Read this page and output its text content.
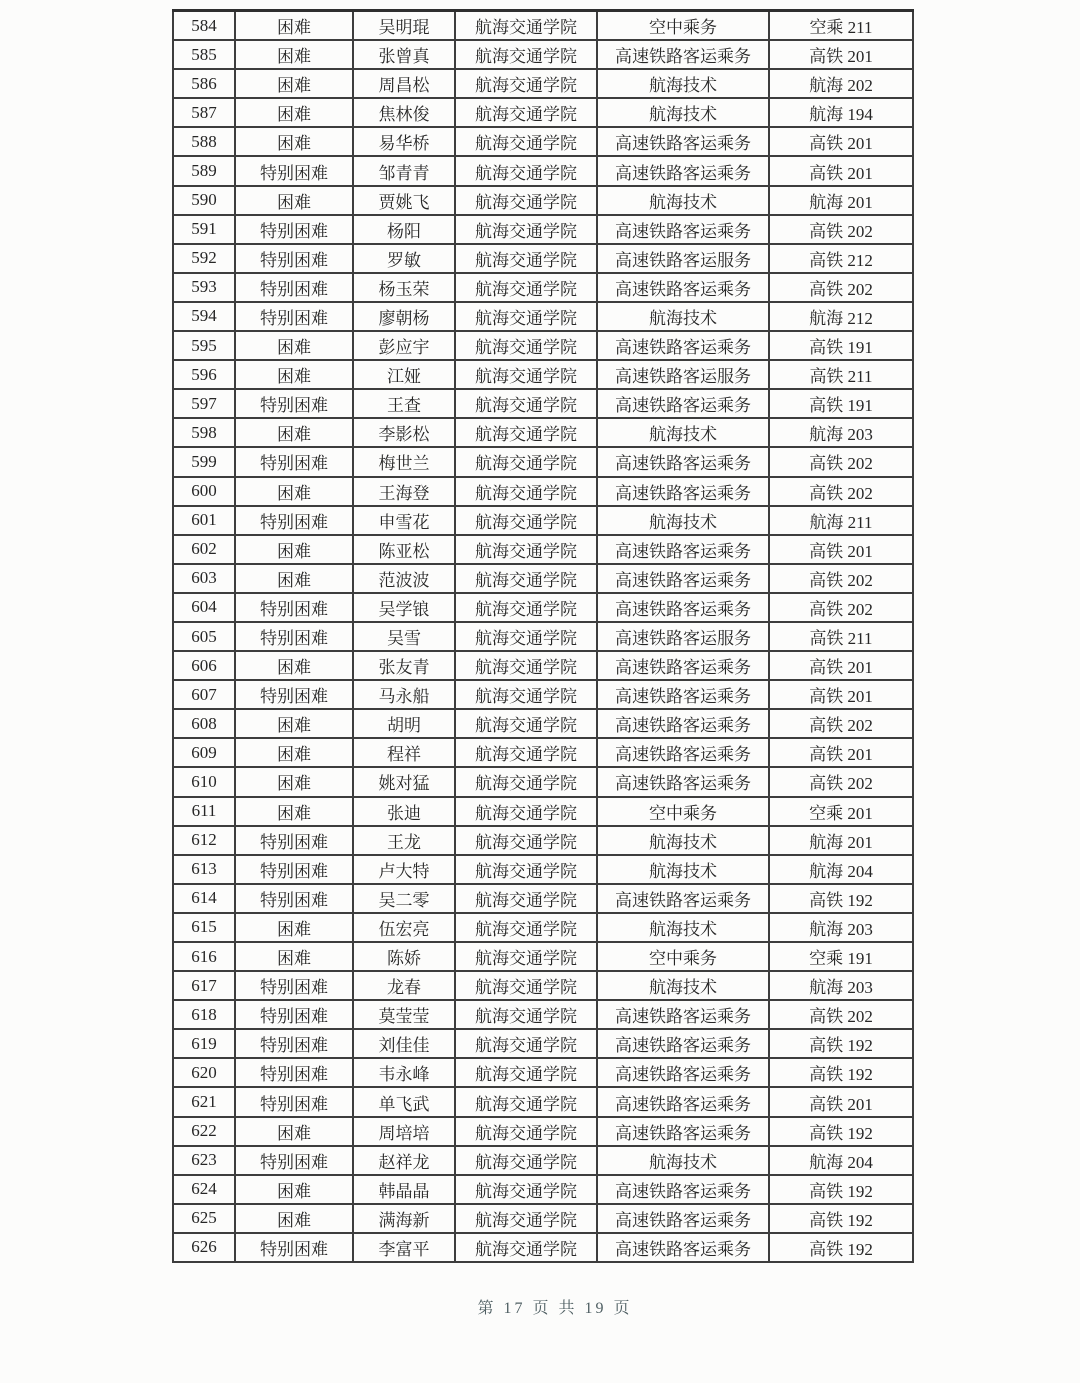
584	困难	吴明琨	航海交通学院	空中乘务	空乘 211
585	困难	张曾真	航海交通学院	高速铁路客运乘务	高铁 201
586	困难	周昌松	航海交通学院	航海技术	航海 202
587	困难	焦林俊	航海交通学院	航海技术	航海 194
588	困难	易华桥	航海交通学院	高速铁路客运乘务	高铁 201
589	特别困难	邹青青	航海交通学院	高速铁路客运乘务	高铁 201
590	困难	贾姚飞	航海交通学院	航海技术	航海 201
591	特别困难	杨阳	航海交通学院	高速铁路客运乘务	高铁 202
592	特别困难	罗敏	航海交通学院	高速铁路客运服务	高铁 212
593	特别困难	杨玉荣	航海交通学院	高速铁路客运乘务	高铁 202
594	特别困难	廖朝杨	航海交通学院	航海技术	航海 212
595	困难	彭应宇	航海交通学院	高速铁路客运乘务	高铁 191
596	困难	江娅	航海交通学院	高速铁路客运服务	高铁 211
597	特别困难	王查	航海交通学院	高速铁路客运乘务	高铁 191
598	困难	李影松	航海交通学院	航海技术	航海 203
599	特别困难	梅世兰	航海交通学院	高速铁路客运乘务	高铁 202
600	困难	王海登	航海交通学院	高速铁路客运乘务	高铁 202
601	特别困难	申雪花	航海交通学院	航海技术	航海 211
602	困难	陈亚松	航海交通学院	高速铁路客运乘务	高铁 201
603	困难	范波波	航海交通学院	高速铁路客运乘务	高铁 202
604	特别困难	吴学锒	航海交通学院	高速铁路客运乘务	高铁 202
605	特别困难	吴雪	航海交通学院	高速铁路客运服务	高铁 211
606	困难	张友青	航海交通学院	高速铁路客运乘务	高铁 201
607	特别困难	马永船	航海交通学院	高速铁路客运乘务	高铁 201
608	困难	胡明	航海交通学院	高速铁路客运乘务	高铁 202
609	困难	程祥	航海交通学院	高速铁路客运乘务	高铁 201
610	困难	姚对猛	航海交通学院	高速铁路客运乘务	高铁 202
611	困难	张迪	航海交通学院	空中乘务	空乘 201
612	特别困难	王龙	航海交通学院	航海技术	航海 201
613	特别困难	卢大特	航海交通学院	航海技术	航海 204
614	特别困难	吴二零	航海交通学院	高速铁路客运乘务	高铁 192
615	困难	伍宏亮	航海交通学院	航海技术	航海 203
616	困难	陈娇	航海交通学院	空中乘务	空乘 191
617	特别困难	龙春	航海交通学院	航海技术	航海 203
618	特别困难	莫莹莹	航海交通学院	高速铁路客运乘务	高铁 202
619	特别困难	刘佳佳	航海交通学院	高速铁路客运乘务	高铁 192
620	特别困难	韦永峰	航海交通学院	高速铁路客运乘务	高铁 192
621	特别困难	单飞武	航海交通学院	高速铁路客运乘务	高铁 201
622	困难	周培培	航海交通学院	高速铁路客运乘务	高铁 192
623	特别困难	赵祥龙	航海交通学院	航海技术	航海 204
624	困难	韩晶晶	航海交通学院	高速铁路客运乘务	高铁 192
625	困难	满海新	航海交通学院	高速铁路客运乘务	高铁 192
626	特别困难	李富平	航海交通学院	高速铁路客运乘务	高铁 192
第 17 页 共 19 页
